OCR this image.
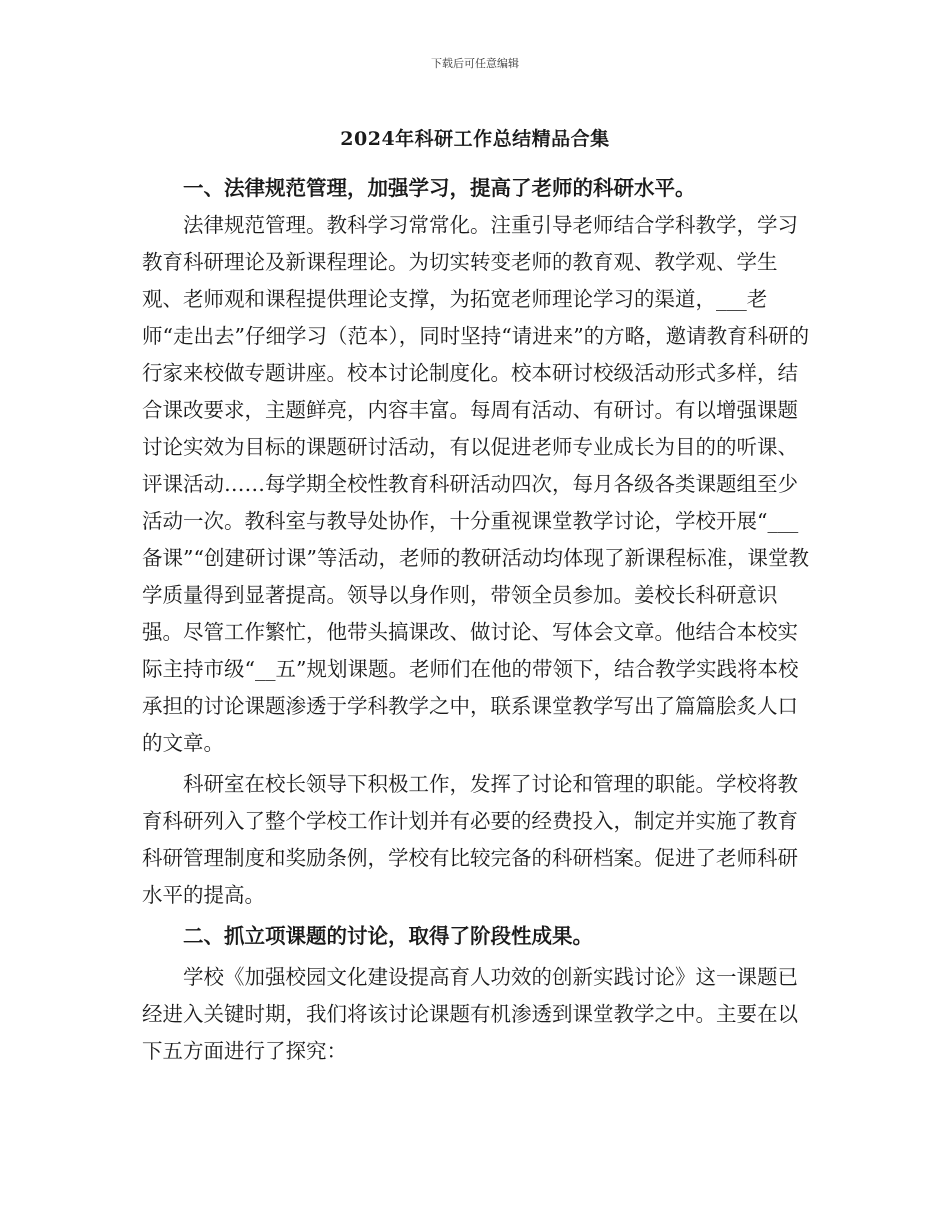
下载后可任意编辑
2024年科研工作总结精品合集

一、法律规范管理，加强学习，提高了老师的科研水平。

法律规范管理。教科学习常常化。注重引导老师结合学科教学，学习教育科研理论及新课程理论。为切实转变老师的教育观、教学观、学生观、老师观和课程提供理论支撑，为拓宽老师理论学习的渠道，___老师“走出去”仔细学习（范本），同时坚持“请进来”的方略，邀请教育科研的行家来校做专题讲座。校本讨论制度化。校本研讨校级活动形式多样，结合课改要求，主题鲜亮，内容丰富。每周有活动、有研讨。有以增强课题讨论实效为目标的课题研讨活动，有以促进老师专业成长为目的的听课、评课活动……每学期全校性教育科研活动四次，每月各级各类课题组至少活动一次。教科室与教导处协作，十分重视课堂教学讨论，学校开展“___备课”“创建研讨课”等活动，老师的教研活动均体现了新课程标准，课堂教学质量得到显著提高。领导以身作则，带领全员参加。姜校长科研意识强。尽管工作繁忙，他带头搞课改、做讨论、写体会文章。他结合本校实际主持市级“__五”规划课题。老师们在他的带领下，结合教学实践将本校承担的讨论课题渗透于学科教学之中，联系课堂教学写出了篇篇脍炙人口的文章。

科研室在校长领导下积极工作，发挥了讨论和管理的职能。学校将教育科研列入了整个学校工作计划并有必要的经费投入，制定并实施了教育科研管理制度和奖励条例，学校有比较完备的科研档案。促进了老师科研水平的提高。

二、抓立项课题的讨论，取得了阶段性成果。

学校《加强校园文化建设提高育人功效的创新实践讨论》这一课题已经进入关键时期，我们将该讨论课题有机渗透到课堂教学之中。主要在以下五方面进行了探究：
